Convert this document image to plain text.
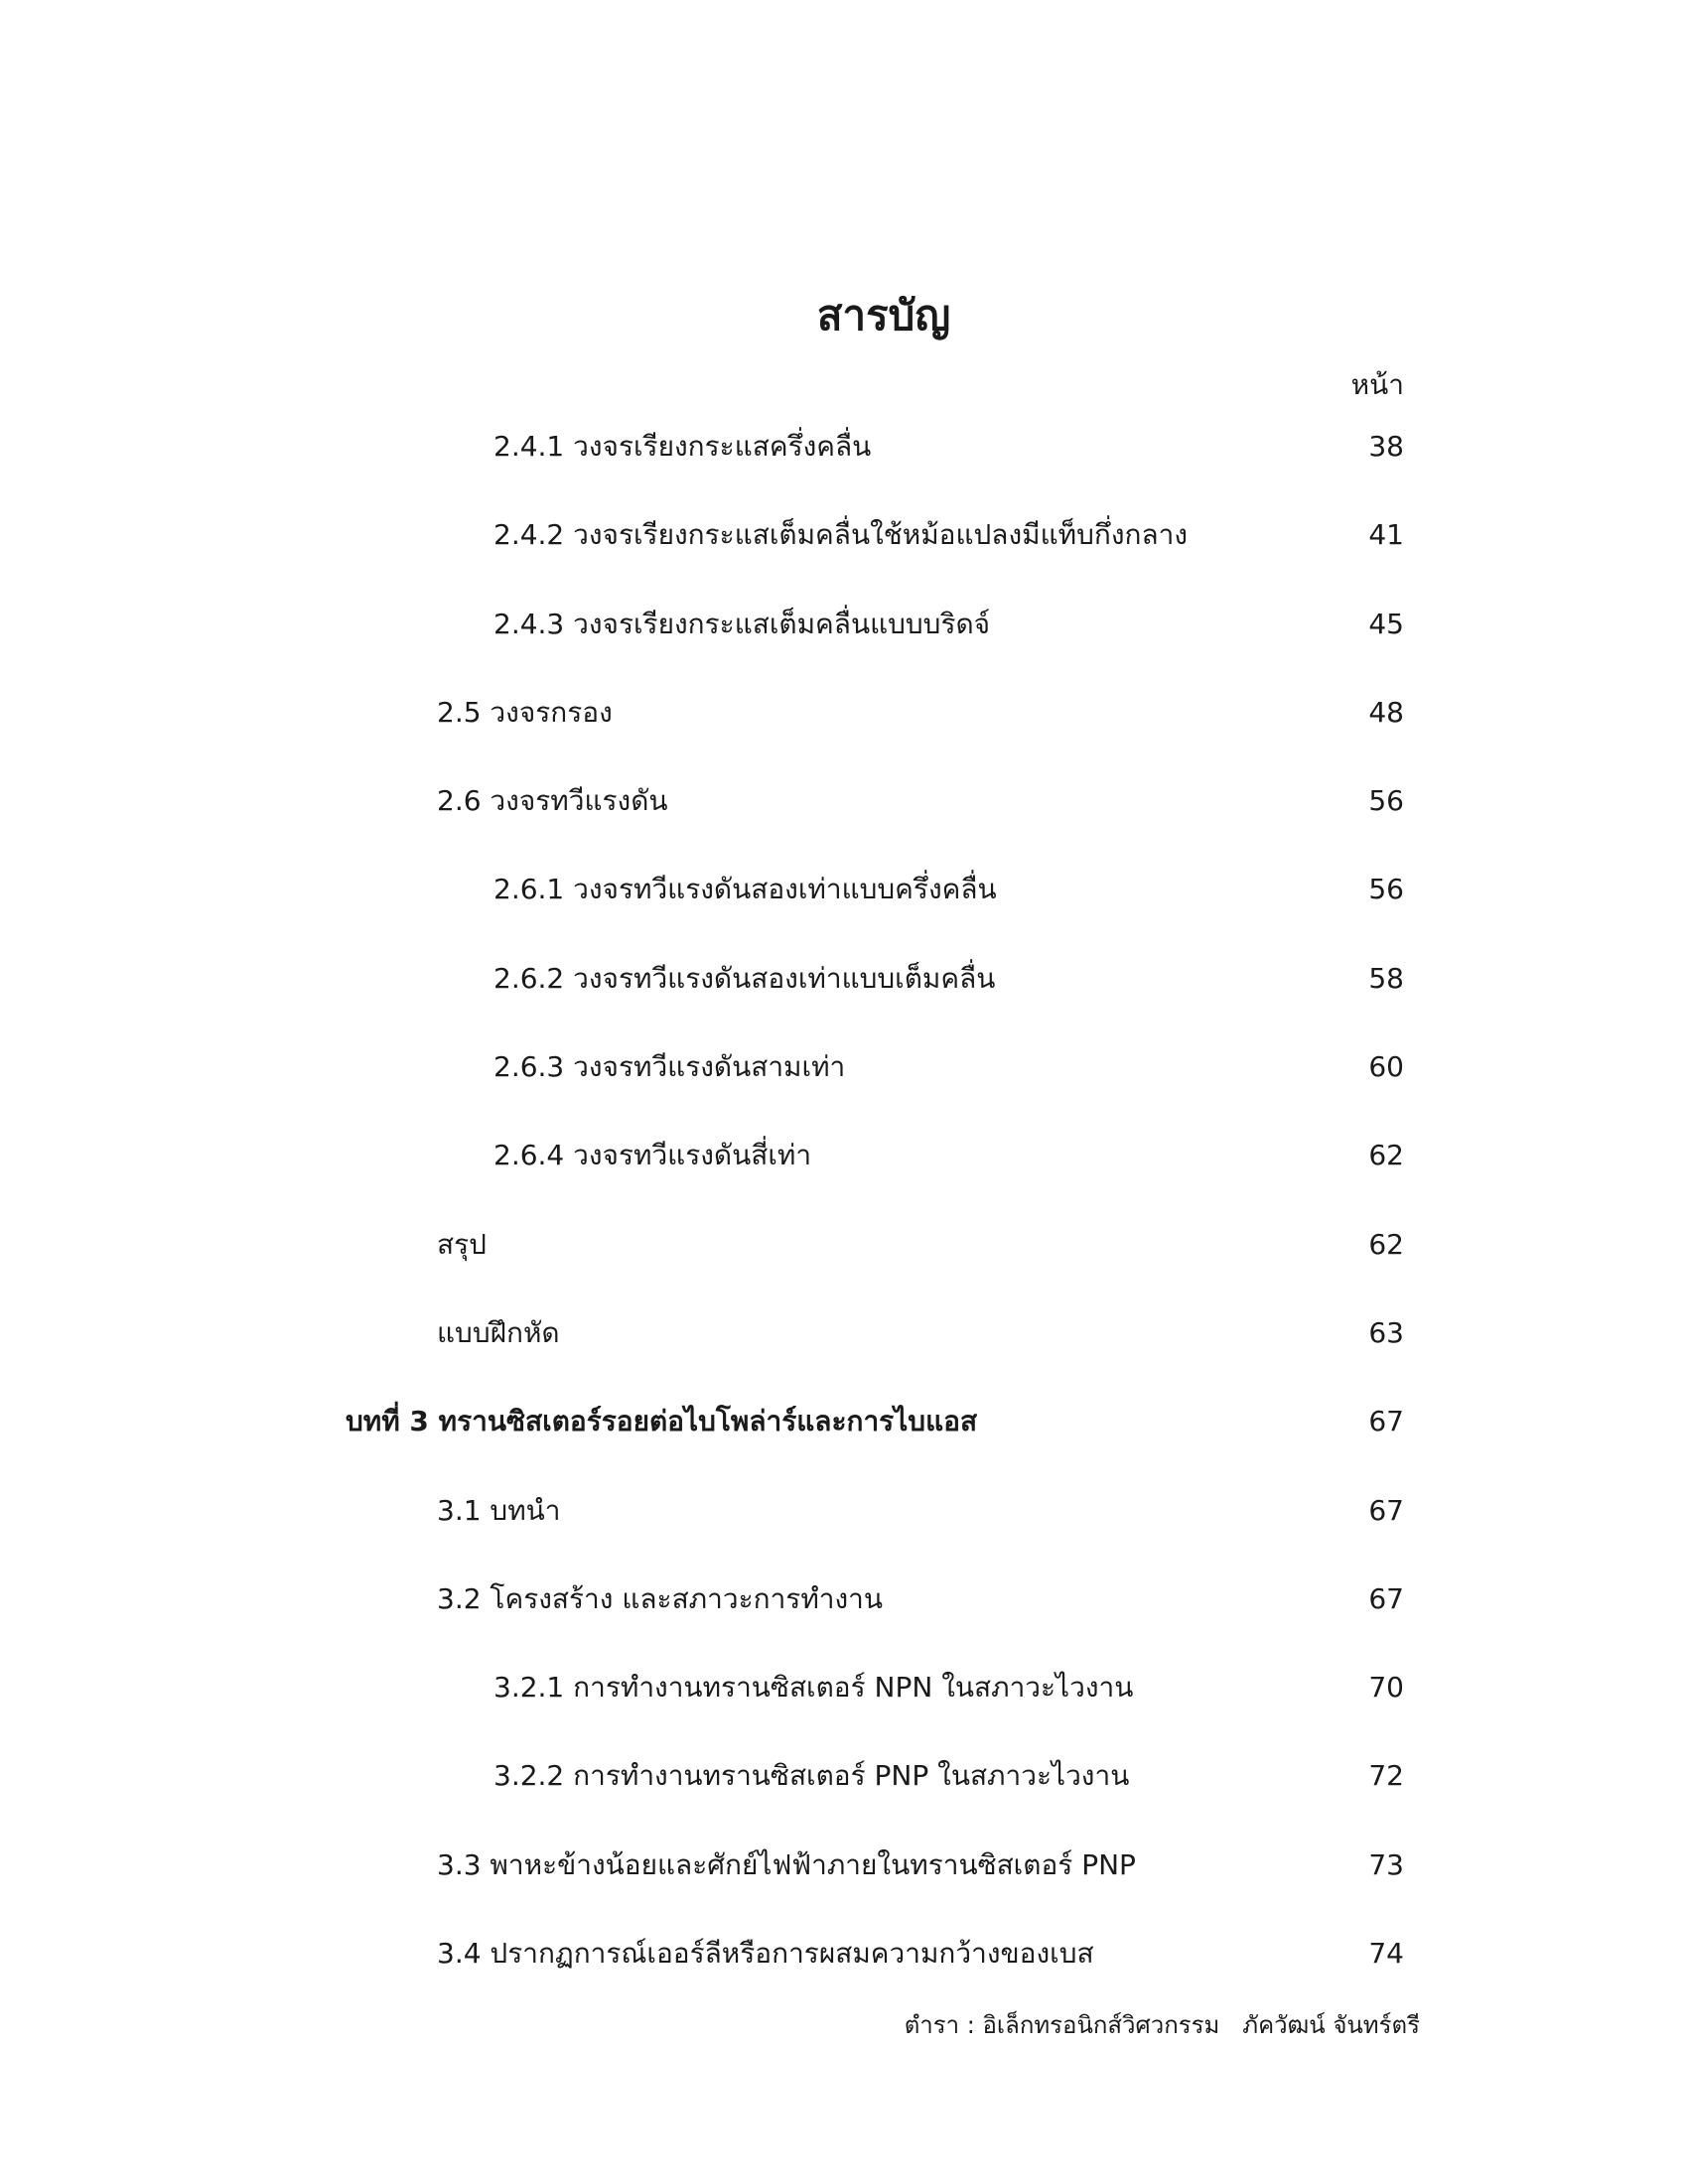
สารบัญ
หน้า
2.4.1 วงจรเรียงกระแสครึ่งคลื่น	38
2.4.2 วงจรเรียงกระแสเต็มคลื่นใช้หม้อแปลงมีแท็บกึ่งกลาง	41
2.4.3 วงจรเรียงกระแสเต็มคลื่นแบบบริดจ์	45
2.5 วงจรกรอง	48
2.6 วงจรทวีแรงดัน	56
2.6.1 วงจรทวีแรงดันสองเท่าแบบครึ่งคลื่น	56
2.6.2 วงจรทวีแรงดันสองเท่าแบบเต็มคลื่น	58
2.6.3 วงจรทวีแรงดันสามเท่า	60
2.6.4 วงจรทวีแรงดันสี่เท่า	62
สรุป	62
แบบฝึกหัด	63
บทที่ 3 ทรานซิสเตอร์รอยต่อไบโพล่าร์และการไบแอส	67
3.1 บทนำ	67
3.2 โครงสร้าง และสภาวะการทำงาน	67
3.2.1 การทำงานทรานซิสเตอร์ NPN ในสภาวะไวงาน	70
3.2.2 การทำงานทรานซิสเตอร์ PNP ในสภาวะไวงาน	72
3.3 พาหะข้างน้อยและศักย์ไฟฟ้าภายในทรานซิสเตอร์ PNP	73
3.4 ปรากฏการณ์เออร์ลีหรือการผสมความกว้างของเบส	74
ตำรา : อิเล็กทรอนิกส์วิศวกรรม   ภัควัฒน์ จันทร์ตรี
